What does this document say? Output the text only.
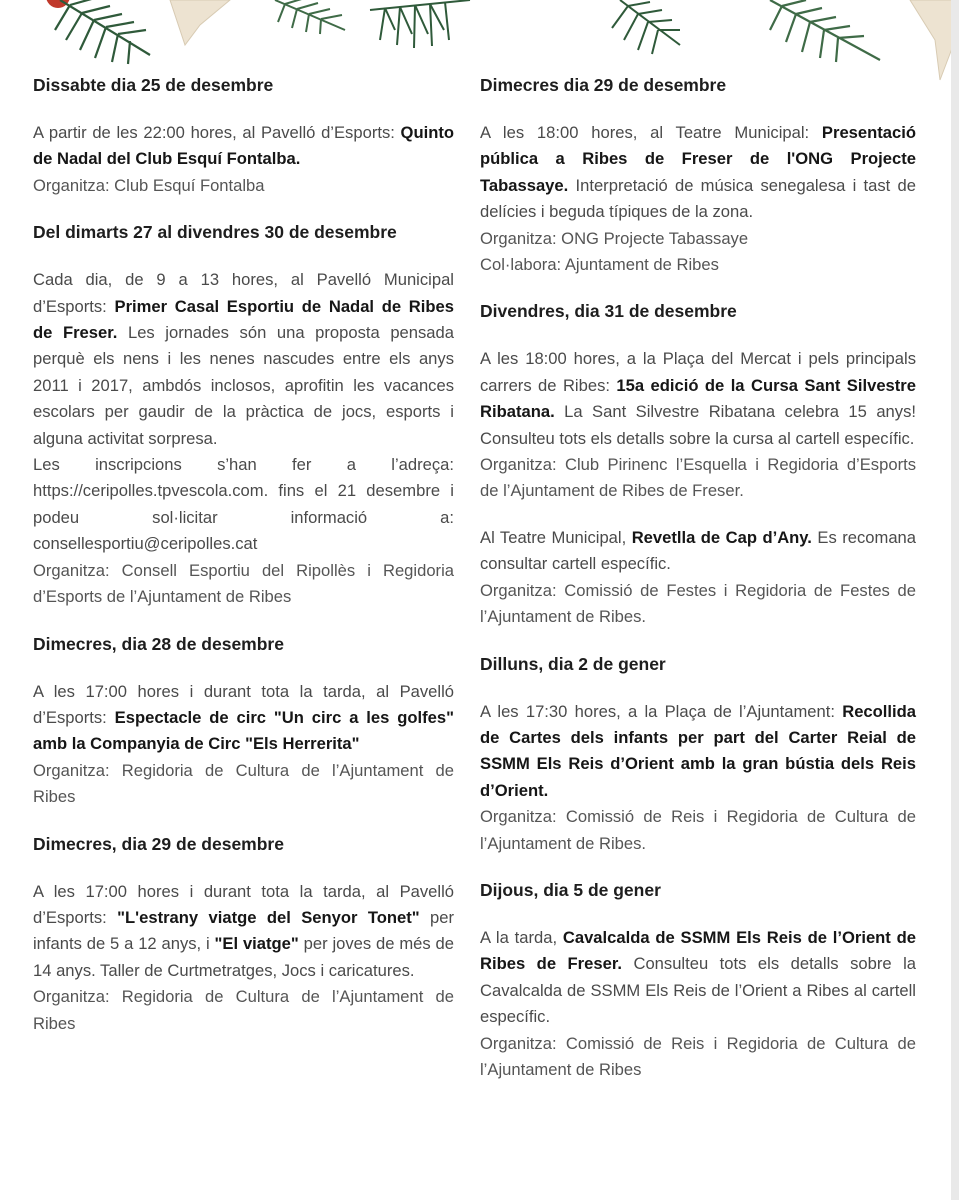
Dissabte dia 25 de desembre

A partir de les 22:00 hores, al Pavelló d’Esports: Quinto de Nadal del Club Esquí Fontalba.

Organitza: Club Esquí Fontalba

Del dimarts 27 al divendres 30 de desembre

Cada dia, de 9 a 13 hores, al Pavelló Municipal d’Esports: Primer Casal Esportiu de Nadal de Ribes de Freser. Les jornades són una proposta pensada perquè els nens i les nenes nascudes entre els anys 2011 i 2017, ambdós inclosos, aprofitin les vacances escolars per gaudir de la pràctica de jocs, esports i alguna activitat sorpresa.

Les inscripcions s’han fer a l’adreça: https://ceripolles.tpvescola.com. fins el 21 desembre i podeu sol·licitar informació a: consellesportiu@ceripolles.cat

Organitza: Consell Esportiu del Ripollès i Regidoria d’Esports de l’Ajuntament de Ribes

Dimecres, dia 28 de desembre

A les 17:00 hores i durant tota la tarda, al Pavelló d’Esports: Espectacle de circ "Un circ a les golfes" amb la Companyia de Circ "Els Herrerita"

Organitza: Regidoria de Cultura de l’Ajuntament de Ribes

Dimecres, dia 29 de desembre

A les 17:00 hores i durant tota la tarda, al Pavelló d’Esports: "L'estrany viatge del Senyor Tonet" per infants de 5 a 12 anys, i "El viatge" per joves de més de 14 anys. Taller de Curtmetratges, Jocs i caricatures.

Organitza: Regidoria de Cultura de l’Ajuntament de Ribes

Dimecres dia 29 de desembre

A les 18:00 hores, al Teatre Municipal: Presentació pública a Ribes de Freser de l'ONG Projecte Tabassaye. Interpretació de música senegalesa i tast de delícies i beguda típiques de la zona.

Organitza: ONG Projecte Tabassaye

Col·labora: Ajuntament de Ribes

Divendres, dia 31 de desembre

A les 18:00 hores, a la Plaça del Mercat i pels principals carrers de Ribes: 15a edició de la Cursa Sant Silvestre Ribatana. La Sant Silvestre Ribatana celebra 15 anys! Consulteu tots els detalls sobre la cursa al cartell específic.

Organitza: Club Pirinenc l’Esquella i Regidoria d’Esports de l’Ajuntament de Ribes de Freser.

Al Teatre Municipal, Revetlla de Cap d’Any. Es recomana consultar cartell específic.

Organitza: Comissió de Festes i Regidoria de Festes de l’Ajuntament de Ribes.

Dilluns, dia 2 de gener

A les 17:30 hores, a la Plaça de l’Ajuntament: Recollida de Cartes dels infants per part del Carter Reial de SSMM Els Reis d’Orient amb la gran bústia dels Reis d’Orient.

Organitza: Comissió de Reis i Regidoria de Cultura de l’Ajuntament de Ribes.

Dijous, dia 5 de gener

A la tarda, Cavalcalda de SSMM Els Reis de l’Orient de Ribes de Freser. Consulteu tots els detalls sobre la Cavalcalda de SSMM Els Reis de l’Orient a Ribes al cartell específic.

Organitza: Comissió de Reis i Regidoria de Cultura de l’Ajuntament de Ribes
